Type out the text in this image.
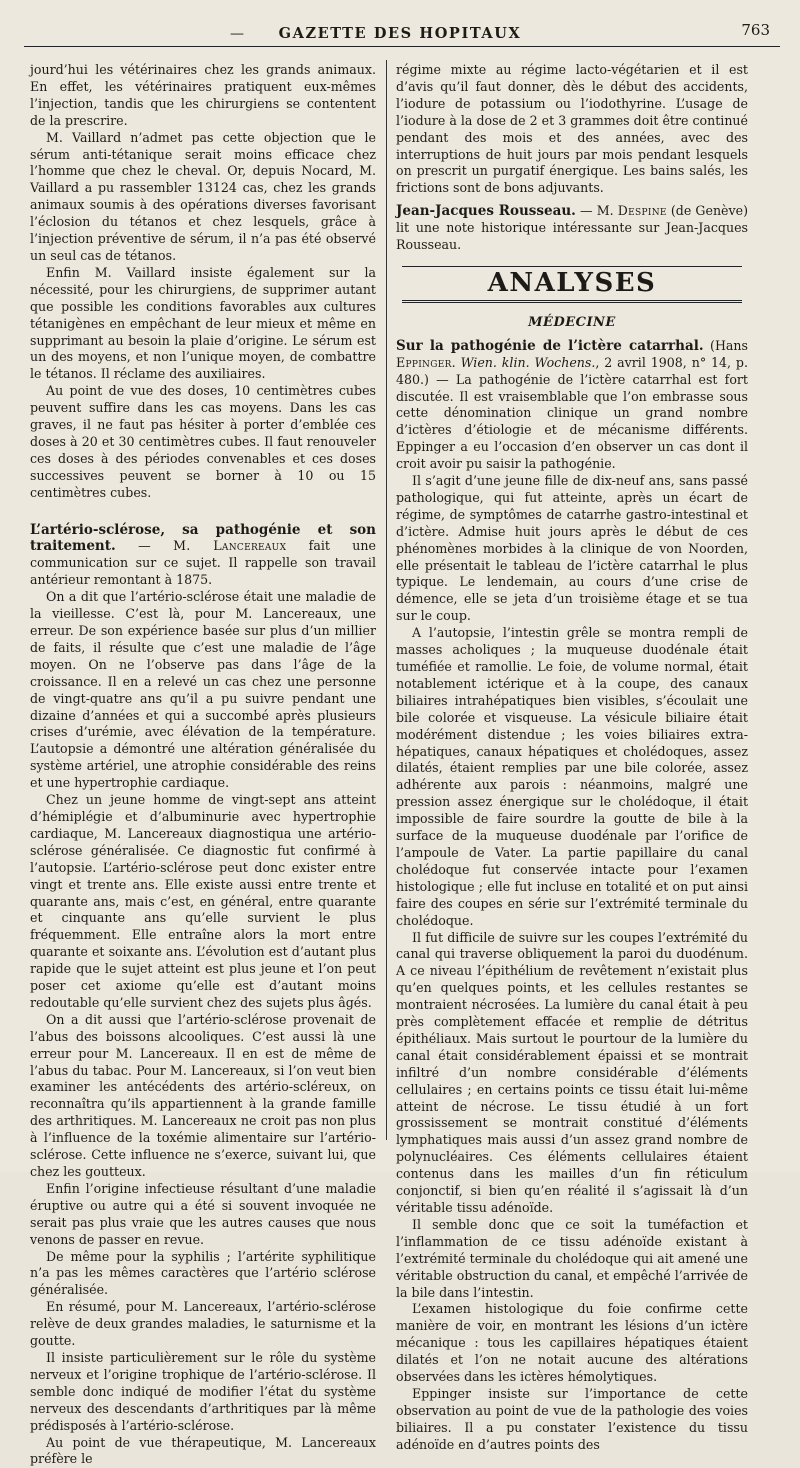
—	GAZETTE DES HOPITAUX	763

jourd’hui les vétérinaires chez les grands animaux. En effet, les vétérinaires pratiquent eux-mêmes l’injection, tandis que les chirurgiens se contentent de la prescrire.

M. Vaillard n’admet pas cette objection que le sérum anti-tétanique serait moins efficace chez l’homme que chez le cheval. Or, depuis Nocard, M. Vaillard a pu rassembler 13124 cas, chez les grands animaux soumis à des opérations diverses favorisant l’éclosion du tétanos et chez lesquels, grâce à l’injection préventive de sérum, il n’a pas été observé un seul cas de tétanos.

Enfin M. Vaillard insiste également sur la nécessité, pour les chirurgiens, de supprimer autant que possible les conditions favorables aux cultures tétanigènes en empêchant de leur mieux et même en supprimant au besoin la plaie d’origine. Le sérum est un des moyens, et non l’unique moyen, de combattre le tétanos. Il réclame des auxiliaires.

Au point de vue des doses, 10 centimètres cubes peuvent suffire dans les cas moyens. Dans les cas graves, il ne faut pas hésiter à porter d’emblée ces doses à 20 et 30 centimètres cubes. Il faut renouveler ces doses à des périodes convenables et ces doses successives peuvent se borner à 10 ou 15 centimètres cubes.

L’artério-sclérose, sa pathogénie et son traitement. — M. Lancereaux fait une communication sur ce sujet. Il rappelle son travail antérieur remontant à 1875.

On a dit que l’artério-sclérose était une maladie de la vieillesse. C’est là, pour M. Lancereaux, une erreur. De son expérience basée sur plus d’un millier de faits, il résulte que c’est une maladie de l’âge moyen. On ne l’observe pas dans l’âge de la croissance. Il en a relevé un cas chez une personne de vingt-quatre ans qu’il a pu suivre pendant une dizaine d’années et qui a succombé après plusieurs crises d’urémie, avec élévation de la température. L’autopsie a démontré une altération généralisée du système artériel, une atrophie considérable des reins et une hypertrophie cardiaque.

Chez un jeune homme de vingt-sept ans atteint d’hémiplégie et d’albuminurie avec hypertrophie cardiaque, M. Lancereaux diagnostiqua une artério-sclérose généralisée. Ce diagnostic fut confirmé à l’autopsie. L’artério-sclérose peut donc exister entre vingt et trente ans. Elle existe aussi entre trente et quarante ans, mais c’est, en général, entre quarante et cinquante ans qu’elle survient le plus fréquemment. Elle entraîne alors la mort entre quarante et soixante ans. L’évolution est d’autant plus rapide que le sujet atteint est plus jeune et l’on peut poser cet axiome qu’elle est d’autant moins redoutable qu’elle survient chez des sujets plus âgés.

On a dit aussi que l’artério-sclérose provenait de l’abus des boissons alcooliques. C’est aussi là une erreur pour M. Lancereaux. Il en est de même de l’abus du tabac. Pour M. Lancereaux, si l’on veut bien examiner les antécédents des artério-scléreux, on reconnaîtra qu’ils appartiennent à la grande famille des arthritiques. M. Lancereaux ne croit pas non plus à l’influence de la toxémie alimentaire sur l’artério-sclérose. Cette influence ne s’exerce, suivant lui, que chez les goutteux.

Enfin l’origine infectieuse résultant d’une maladie éruptive ou autre qui a été si souvent invoquée ne serait pas plus vraie que les autres causes que nous venons de passer en revue.

De même pour la syphilis ; l’artérite syphilitique n’a pas les mêmes caractères que l’artério sclérose généralisée.

En résumé, pour M. Lancereaux, l’artério-sclérose relève de deux grandes maladies, le saturnisme et la goutte.

Il insiste particulièrement sur le rôle du système nerveux et l’origine trophique de l’artério-sclérose. Il semble donc indiqué de modifier l’état du système nerveux des descendants d’arthritiques par là même prédisposés à l’artério-sclérose.

Au point de vue thérapeutique, M. Lancereaux préfère le

régime mixte au régime lacto-végétarien et il est d’avis qu’il faut donner, dès le début des accidents, l’iodure de potassium ou l’iodothyrine. L’usage de l’iodure à la dose de 2 et 3 grammes doit être continué pendant des mois et des années, avec des interruptions de huit jours par mois pendant lesquels on prescrit un purgatif énergique. Les bains salés, les frictions sont de bons adjuvants.

Jean-Jacques Rousseau. — M. Despine (de Genève) lit une note historique intéressante sur Jean-Jacques Rousseau.

ANALYSES
MÉDECINE

Sur la pathogénie de l’ictère catarrhal. (Hans Eppinger. Wien. klin. Wochens., 2 avril 1908, n° 14, p. 480.) — La pathogénie de l’ictère catarrhal est fort discutée. Il est vraisemblable que l’on embrasse sous cette dénomination clinique un grand nombre d’ictères d’étiologie et de mécanisme différents. Eppinger a eu l’occasion d’en observer un cas dont il croit avoir pu saisir la pathogénie.

Il s’agit d’une jeune fille de dix-neuf ans, sans passé pathologique, qui fut atteinte, après un écart de régime, de symptômes de catarrhe gastro-intestinal et d’ictère. Admise huit jours après le début de ces phénomènes morbides à la clinique de von Noorden, elle présentait le tableau de l’ictère catarrhal le plus typique. Le lendemain, au cours d’une crise de démence, elle se jeta d’un troisième étage et se tua sur le coup.

A l’autopsie, l’intestin grêle se montra rempli de masses acholiques ; la muqueuse duodénale était tuméfiée et ramollie. Le foie, de volume normal, était notablement ictérique et à la coupe, des canaux biliaires intrahépatiques bien visibles, s’écoulait une bile colorée et visqueuse. La vésicule biliaire était modérément distendue ; les voies biliaires extra-hépatiques, canaux hépatiques et cholédoques, assez dilatés, étaient remplies par une bile colorée, assez adhérente aux parois : néanmoins, malgré une pression assez énergique sur le cholédoque, il était impossible de faire sourdre la goutte de bile à la surface de la muqueuse duodénale par l’orifice de l’ampoule de Vater. La partie papillaire du canal cholédoque fut conservée intacte pour l’examen histologique ; elle fut incluse en totalité et on put ainsi faire des coupes en série sur l’extrémité terminale du cholédoque.

Il fut difficile de suivre sur les coupes l’extrémité du canal qui traverse obliquement la paroi du duodénum. A ce niveau l’épithélium de revêtement n’existait plus qu’en quelques points, et les cellules restantes se montraient nécrosées. La lumière du canal était à peu près complètement effacée et remplie de détritus épithéliaux. Mais surtout le pourtour de la lumière du canal était considérablement épaissi et se montrait infiltré d’un nombre considérable d’éléments cellulaires ; en certains points ce tissu était lui-même atteint de nécrose. Le tissu étudié à un fort grossissement se montrait constitué d’éléments lymphatiques mais aussi d’un assez grand nombre de polynucléaires. Ces éléments cellulaires étaient contenus dans les mailles d’un fin réticulum conjonctif, si bien qu’en réalité il s’agissait là d’un véritable tissu adénoïde.

Il semble donc que ce soit la tuméfaction et l’inflammation de ce tissu adénoïde existant à l’extrémité terminale du cholédoque qui ait amené une véritable obstruction du canal, et empêché l’arrivée de la bile dans l’intestin.

L’examen histologique du foie confirme cette manière de voir, en montrant les lésions d’un ictère mécanique : tous les capillaires hépatiques étaient dilatés et l’on ne notait aucune des altérations observées dans les ictères hémolytiques.

Eppinger insiste sur l’importance de cette observation au point de vue de la pathologie des voies biliaires. Il a pu constater l’existence du tissu adénoïde en d’autres points des
